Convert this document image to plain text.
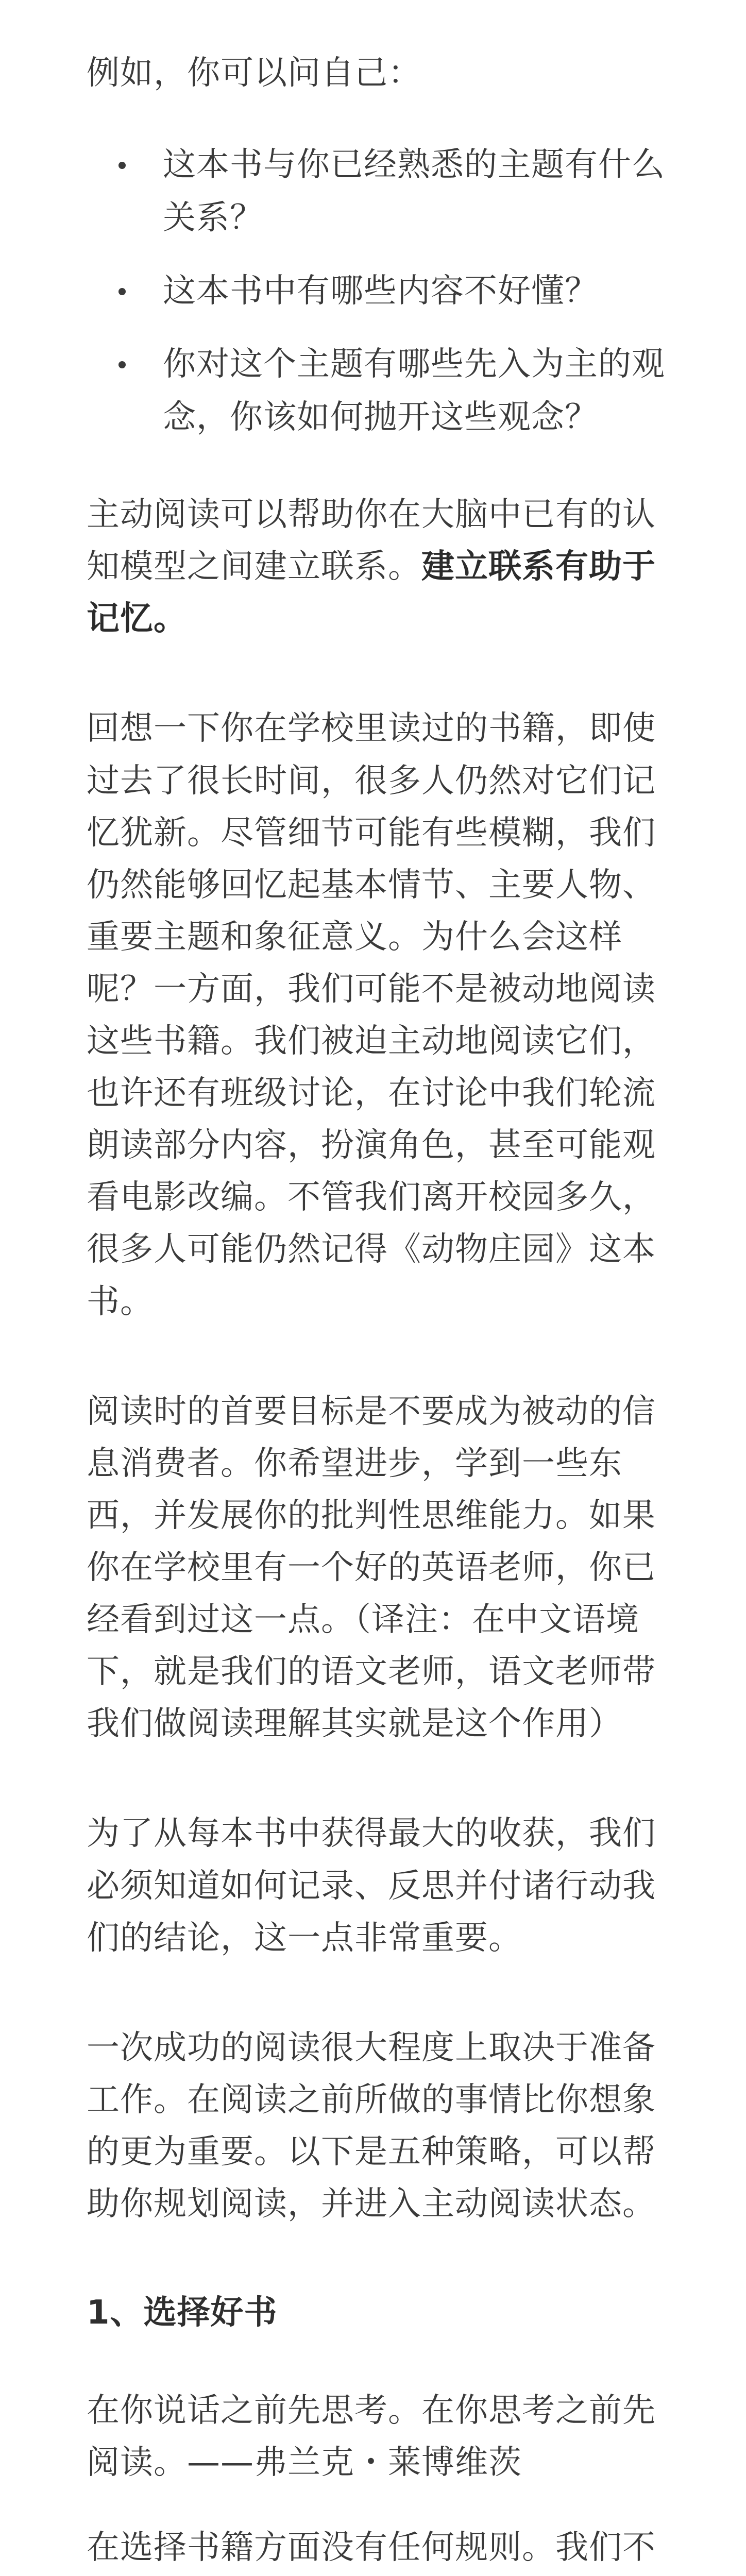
例如，你可以问自己：

这本书与你已经熟悉的主题有什么关系？
这本书中有哪些内容不好懂？
你对这个主题有哪些先入为主的观念，你该如何抛开这些观念？

主动阅读可以帮助你在大脑中已有的认知模型之间建立联系。建立联系有助于记忆。

回想一下你在学校里读过的书籍，即使过去了很长时间，很多人仍然对它们记忆犹新。尽管细节可能有些模糊，我们仍然能够回忆起基本情节、主要人物、重要主题和象征意义。为什么会这样呢？一方面，我们可能不是被动地阅读这些书籍。我们被迫主动地阅读它们，也许还有班级讨论，在讨论中我们轮流朗读部分内容，扮演角色，甚至可能观看电影改编。不管我们离开校园多久，很多人可能仍然记得《动物庄园》这本书。

阅读时的首要目标是不要成为被动的信息消费者。你希望进步，学到一些东西，并发展你的批判性思维能力。如果你在学校里有一个好的英语老师，你已经看到过这一点。（译注：在中文语境下，就是我们的语文老师，语文老师带我们做阅读理解其实就是这个作用）

为了从每本书中获得最大的收获，我们必须知道如何记录、反思并付诸行动我们的结论，这一点非常重要。

一次成功的阅读很大程度上取决于准备工作。在阅读之前所做的事情比你想象的更为重要。以下是五种策略，可以帮助你规划阅读，并进入主动阅读状态。

1、选择好书

在你说话之前先思考。在你思考之前先阅读。——弗兰克・莱博维茨

在选择书籍方面没有任何规则。我们不
